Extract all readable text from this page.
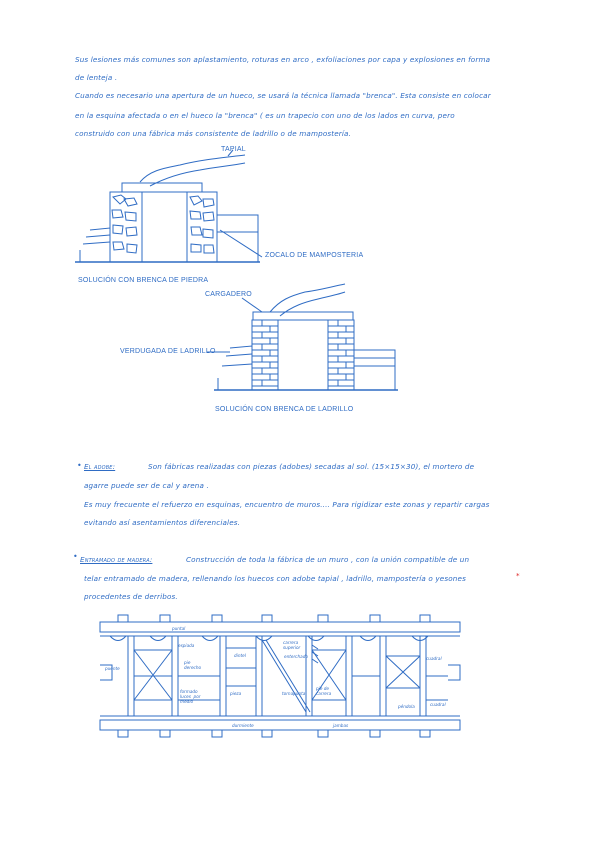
Sus lesiones más comunes son aplastamiento, roturas en arco , exfoliaciones por capa y explosiones en forma
de lenteja .
Cuando es necesario una apertura de un hueco, se usará la técnica llamada "brenca". Esta consiste en colocar
en la esquina afectada o en el hueco la "brenca" ( es un trapecio con uno de los lados en curva, pero
construido con una fábrica más consistente de ladrillo o de mampostería.
TAPIAL
ZOCALO DE MAMPOSTERIA
SOLUCIÓN CON BRENCA DE PIEDRA
CARGADERO
VERDUGADA DE LADRILLO
SOLUCIÓN CON BRENCA DE LADRILLO
• El adobe:	Son fábricas realizadas con piezas (adobes) secadas al sol. (15×15×30), el mortero de
agarre puede ser de cal y arena .
Es muy frecuente el refuerzo en esquinas, encuentro de muros.... Para rigidizar este zonas y repartir cargas
evitando así asentamientos diferenciales.
• Entramado de madera:	Construcción de toda la fábrica de un muro , con la unión compatible de un
telar entramado de madera, rellenando los huecos con adobe tapial , ladrillo, mampostería o yesones	*
procedentes de derribos.
puente
espiada
pie
derecho
dintel
carrera
superior
enterchado	cuadral
cuadral
formado
luces  por
medio
pieza	tornapunta
pie de
carrera
péndola
puntal
durmiente	jambas
